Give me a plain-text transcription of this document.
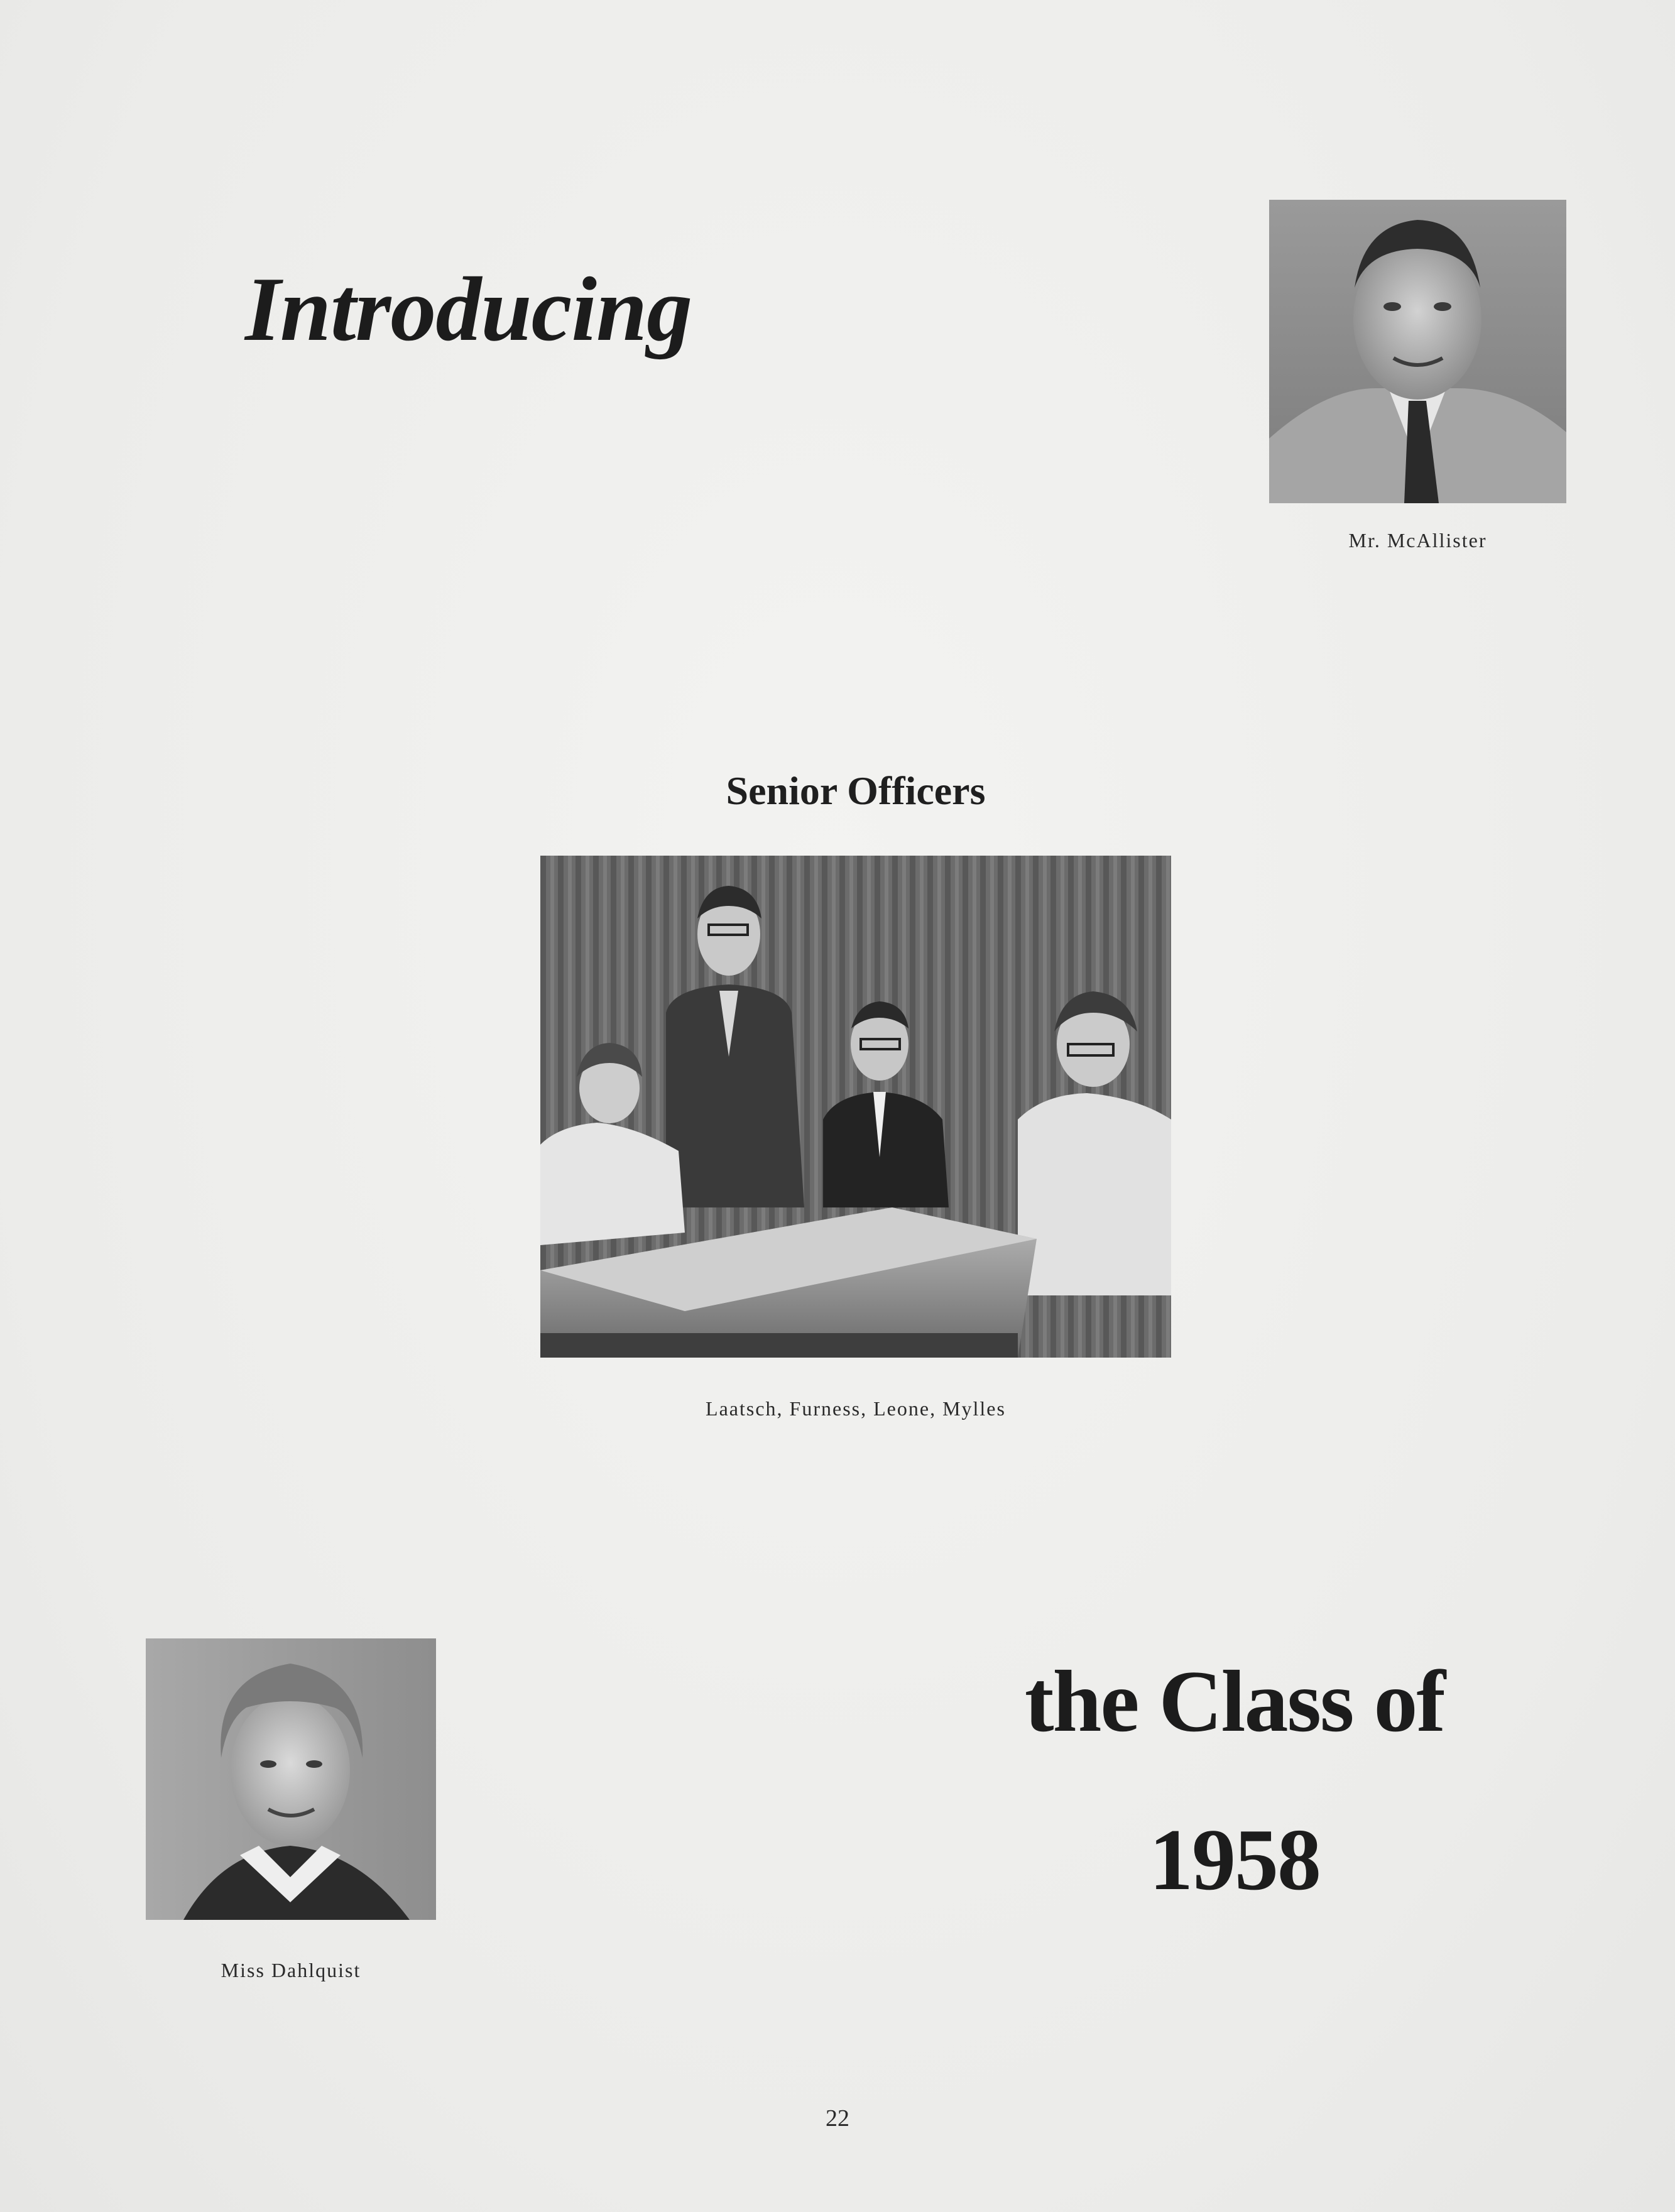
Introducing
Mr. McAllister
Senior Officers
Laatsch, Furness, Leone, Mylles
Miss Dahlquist
the Class of
1958
22
